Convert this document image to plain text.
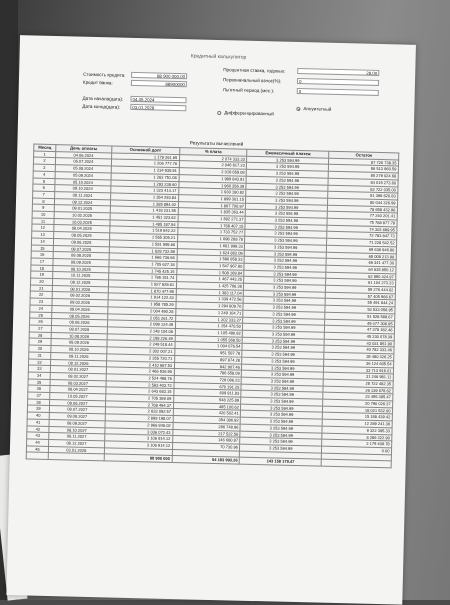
Кредитный калькулятор
Стоимость кредита:	88 900 000.00
Кредит банка:	88900000
Дата начала(дата):	04.05.2024
Дата конца(дата):	03.01.2028
Процентная ставка, годовых:	28.00
Первоначальный взнос(%):	0
Льготный период (мес.):	0
Дифференцированный
Аннуитетный
Результаты вычислений
Месяц	День оплаты	Основной долг	% плата	Ежемесячный платеж	Остаток
1	04.06.2024	1 179 261.65	2 074 333.33	3 253 594.99	87 720 738.35
2	06.07.2024	1 206 777.76	2 046 817.23	3 253 594.99	86 513 960.59
3	05.08.2024	1 234 935.91	2 018 659.08	3 253 594.99	85 279 024.68
4	05.09.2024	1 263 751.08	1 989 843.91	3 253 594.99	84 015 273.60
5	05.10.2024	1 293 238.60	1 960 356.39	3 253 594.99	82 722 035.00
6	09.10.2024	1 323 414.17	1 930 180.82	3 253 594.99	81 398 620.83
7	08.11.2024	1 354 293.84	1 899 301.15	3 253 594.99	80 044 326.99
8	09.12.2024	1 385 894.02	1 867 700.97	3 253 594.99	78 658 432.96
9	09.01.2025	1 418 231.55	1 835 363.44	3 253 594.99	77 240 201.41
10	10.02.2025	1 451 323.62	1 802 271.37	3 253 594.99	75 788 877.79
11	10.03.2025	1 485 187.84	1 768 407.15	3 253 594.99	74 303 689.95
12	08.04.2025	1 519 842.22	1 733 752.77	3 253 594.99	72 783 847.73
13	08.05.2025	1 555 305.21	1 698 289.78	3 253 594.99	71 228 542.52
14	09.06.2025	1 591 595.66	1 661 999.33	3 253 594.99	69 636 946.86
15	08.07.2025	1 628 732.89	1 624 862.09	3 253 594.99	68 008 213.96
16	08.08.2025	1 666 736.66	1 586 858.33	3 253 594.99	66 341 477.30
17	08.09.2025	1 705 627.18	1 547 967.80	3 253 594.99	64 635 850.12
18	08.10.2025	1 745 425.15	1 508 169.84	3 253 594.99	62 890 424.97
19	10.11.2025	1 786 151.74	1 467 443.25	3 253 594.99	61 104 273.23
20	08.12.2025	1 827 828.61	1 425 766.38	3 253 594.99	59 276 444.62
21	08.01.2026	1 870 477.95	1 383 117.04	3 253 594.99	57 405 966.67
22	09.02.2026	1 914 122.43	1 339 472.56	3 253 594.99	55 491 844.24
23	09.03.2026	1 958 785.29	1 294 809.70	3 253 594.99	53 533 058.95
24	08.04.2026	2 004 490.28	1 249 104.71	3 253 594.99	51 528 568.67
25	08.05.2026	2 051 261.72	1 202 333.27	3 253 594.99	49 477 306.95
26	08.06.2026	2 099 124.49	1 154 470.50	3 253 594.99	47 378 182.46
27	08.07.2026	2 148 104.06	1 105 490.92	3 253 594.99	45 230 078.39
28	10.08.2026	2 198 226.49	1 055 368.50	3 253 594.99	43 031 851.90
29	08.09.2026	2 249 518.44	1 004 076.54	3 253 594.99	40 782 333.46
30	08.10.2026	2 302 007.21	951 587.78	3 253 594.99	38 480 326.25
31	09.11.2026	2 355 720.71	897 874.28	3 253 594.99	36 124 605.54
32	08.12.2026	2 410 687.53	842 907.46	3 253 594.99	33 713 918.01
33	08.01.2027	2 466 936.90	786 658.09	3 253 594.99	31 246 981.11
34	08.02.2027	2 524 498.76	729 096.23	3 253 594.99	28 722 482.35
35	08.03.2027	2 583 403.73	670 191.25	3 253 594.99	26 139 078.62
36	08.04.2027	2 643 683.15	609 911.83	3 253 594.99	23 495 395.47
37	10.05.2027	2 705 369.09	548 225.89	3 253 594.99	20 790 026.37
38	08.06.2027	2 768 494.37	485 100.62	3 253 594.99	18 021 532.00
39	08.07.2027	2 833 092.57	420 502.41	3 253 594.99	15 188 439.42
40	09.08.2027	2 899 198.07	354 396.92	3 253 594.99	12 289 241.36
41	08.09.2027	2 966 846.02	286 748.96	3 253 594.99	9 322 395.33
42	08.10.2027	3 036 072.43	217 522.56	3 253 594.99	6 286 322.90
43	08.11.2027	3 106 914.12	146 680.87	3 253 594.99	3 179 408.78
44	08.12.2027	3 106 914.12	70 730.96	3 253 594.99	0.00
45	03.01.2028				
		88 900 000	54 183 993.26	143 158 179.47	
